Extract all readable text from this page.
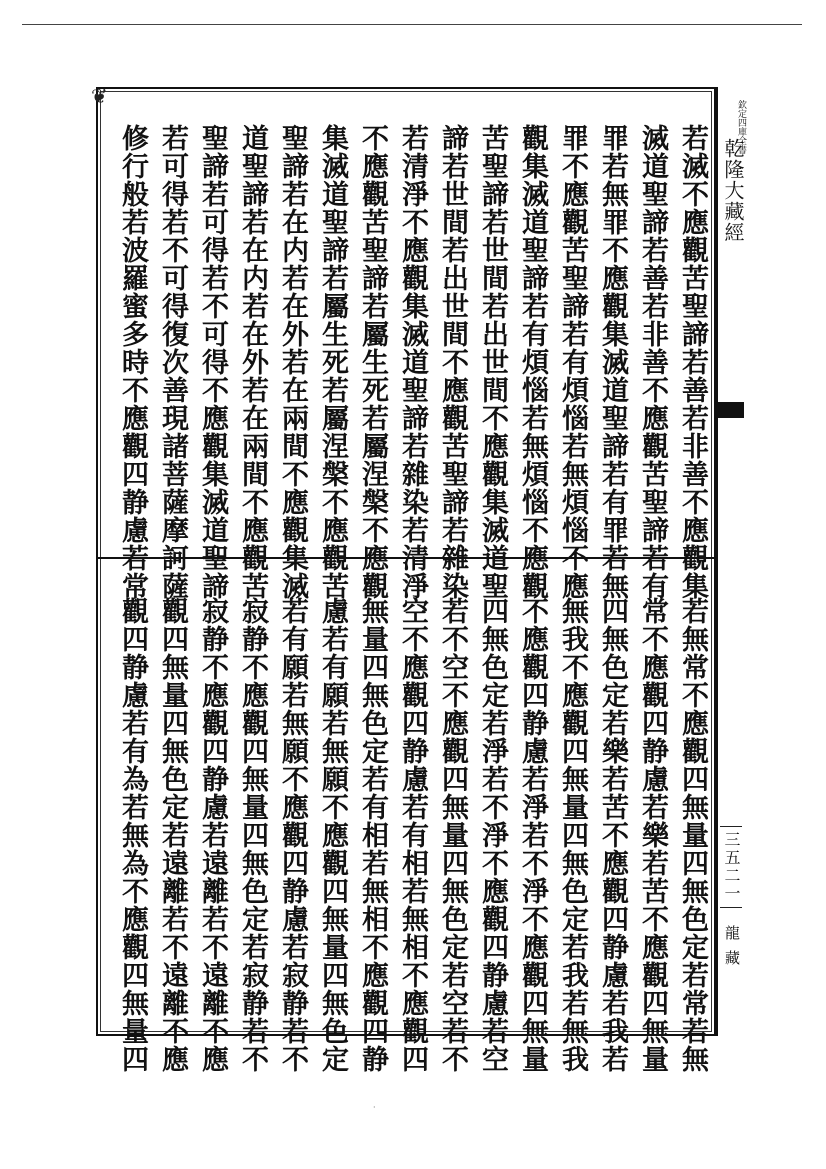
❦
欽定四庫全書
乾隆大藏經
若滅不應觀苦聖諦若善若非善不應觀集
滅道聖諦若善若非善不應觀苦聖諦若有
罪若無罪不應觀集滅道聖諦若有罪若無
罪不應觀苦聖諦若有煩惱若無煩惱不應
觀集滅道聖諦若有煩惱若無煩惱不應觀
苦聖諦若世間若出世間不應觀集滅道聖
諦若世間若出世間不應觀苦聖諦若雜染
若清淨不應觀集滅道聖諦若雜染若清淨
不應觀苦聖諦若屬生死若屬涅槃不應觀
集滅道聖諦若屬生死若屬涅槃不應觀苦
聖諦若在内若在外若在兩間不應觀集滅
道聖諦若在内若在外若在兩間不應觀苦
聖諦若可得若不可得不應觀集滅道聖諦
若可得若不可得復次善現諸菩薩摩訶薩
修行般若波羅蜜多時不應觀四静慮若常
若無常不應觀四無量四無色定若常若無
常不應觀四静慮若樂若苦不應觀四無量
四無色定若樂若苦不應觀四静慮若我若
無我不應觀四無量四無色定若我若無我
不應觀四静慮若淨若不淨不應觀四無量
四無色定若淨若不淨不應觀四静慮若空
若不空不應觀四無量四無色定若空若不
空不應觀四静慮若有相若無相不應觀四
無量四無色定若有相若無相不應觀四静
慮若有願若無願不應觀四無量四無色定
若有願若無願不應觀四静慮若寂静若不
寂静不應觀四無量四無色定若寂静若不
寂静不應觀四静慮若遠離若不遠離不應
觀四無量四無色定若遠離若不遠離不應
觀四静慮若有為若無為不應觀四無量四	三五二一
龍藏
·
